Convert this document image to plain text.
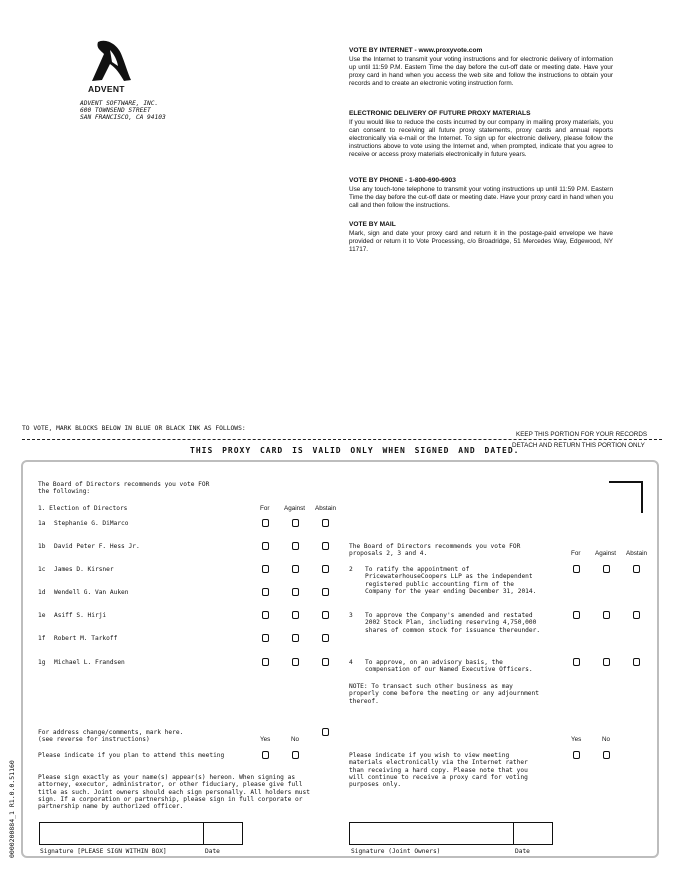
ADVENT
ADVENT SOFTWARE, INC.
600 TOWNSEND STREET
SAN FRANCISCO, CA 94103
VOTE BY INTERNET - www.proxyvote.com
Use the Internet to transmit your voting instructions and for electronic delivery of information up until 11:59 P.M. Eastern Time the day before the cut-off date or meeting date. Have your proxy card in hand when you access the web site and follow the instructions to obtain your records and to create an electronic voting instruction form.
ELECTRONIC DELIVERY OF FUTURE PROXY MATERIALS
If you would like to reduce the costs incurred by our company in mailing proxy materials, you can consent to receiving all future proxy statements, proxy cards and annual reports electronically via e-mail or the Internet. To sign up for electronic delivery, please follow the instructions above to vote using the Internet and, when prompted, indicate that you agree to receive or access proxy materials electronically in future years.
VOTE BY PHONE - 1-800-690-6903
Use any touch-tone telephone to transmit your voting instructions up until 11:59 P.M. Eastern Time the day before the cut-off date or meeting date. Have your proxy card in hand when you call and then follow the instructions.
VOTE BY MAIL
Mark, sign and date your proxy card and return it in the postage-paid envelope we have provided or return it to Vote Processing, c/o Broadridge, 51 Mercedes Way, Edgewood, NY 11717.
TO VOTE, MARK BLOCKS BELOW IN BLUE OR BLACK INK AS FOLLOWS:
KEEP THIS PORTION FOR YOUR RECORDS
DETACH AND RETURN THIS PORTION ONLY
THIS PROXY CARD IS VALID ONLY WHEN SIGNED AND DATED.
The Board of Directors recommends you vote FOR
the following:
1. Election of Directors	For Against Abstain
1a Stephanie G. DiMarco
1b David Peter F. Hess Jr.
1c James D. Kirsner
1d Wendell G. Van Auken
1e Asiff S. Hirji
1f Robert M. Tarkoff
1g Michael L. Frandsen
For address change/comments, mark here.
(see reverse for instructions)	Yes	No
Please indicate if you plan to attend this meeting
Please sign exactly as your name(s) appear(s) hereon. When signing as
attorney, executor, administrator, or other fiduciary, please give full
title as such. Joint owners should each sign personally. All holders must
sign. If a corporation or partnership, please sign in full corporate or
partnership name by authorized officer.
Signature [PLEASE SIGN WITHIN BOX]	Date
The Board of Directors recommends you vote FOR
proposals 2, 3 and 4.	For Against Abstain
2 To ratify the appointment of
PricewaterhouseCoopers LLP as the independent
registered public accounting firm of the
Company for the year ending December 31, 2014.
3 To approve the Company's amended and restated
2002 Stock Plan, including reserving 4,750,000
shares of common stock for issuance thereunder.
4 To approve, on an advisory basis, the
compensation of our Named Executive Officers.
NOTE: To transact such other business as may
properly come before the meeting or any adjournment
thereof.
Yes	No
Please indicate if you wish to view meeting
materials electronically via the Internet rather
than receiving a hard copy. Please note that you
will continue to receive a proxy card for voting
purposes only.
Signature (Joint Owners)	Date
0000200884_1 R1.0.0.51160
